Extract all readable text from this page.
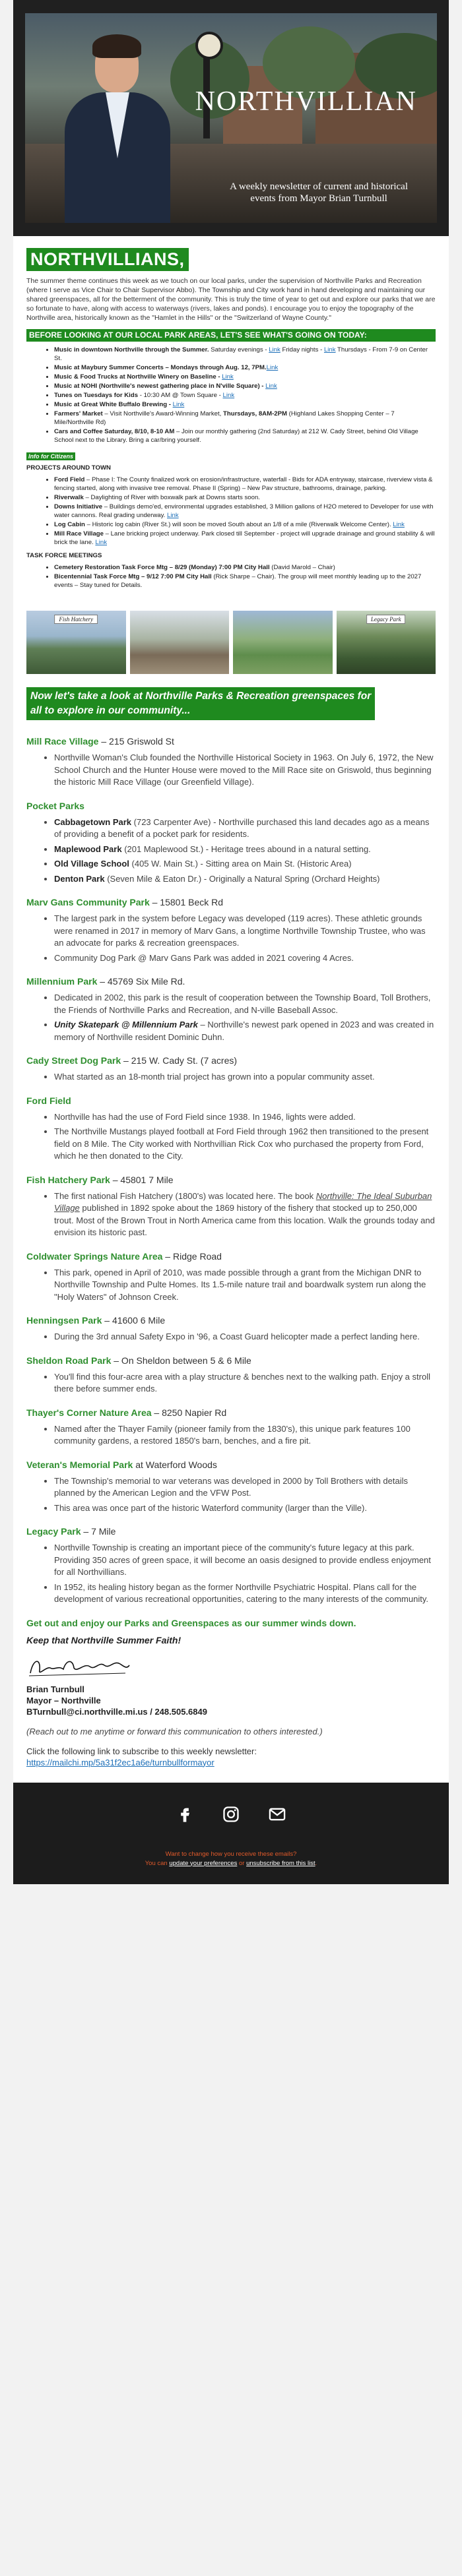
NORTHVILLIAN
A weekly newsletter of current and historical
events from Mayor Brian Turnbull
NORTHVILLIANS,

The summer theme continues this week as we touch on our local parks, under the supervision of Northville Parks and Recreation (where I serve as Vice Chair to Chair Supervisor Abbo). The Township and City work hand in hand developing and maintaining our shared greenspaces, all for the betterment of the community. This is truly the time of year to get out and explore our parks that we are so fortunate to have, along with access to waterways (rivers, lakes and ponds). I encourage you to enjoy the topography of the Northville area, historically known as the "Hamlet in the Hills" or the "Switzerland of Wayne County."

BEFORE LOOKING AT OUR LOCAL PARK AREAS, LET'S SEE WHAT'S GOING ON TODAY:
• Music in downtown Northville through the Summer. Saturday evenings - Link Friday nights - Link Thursdays - From 7-9 on Center St.
• Music at Maybury Summer Concerts – Mondays through Aug. 12, 7PM.Link
• Music & Food Trucks at Northville Winery on Baseline - Link
• Music at NOHI (Northville's newest gathering place in N'ville Square) - Link
• Tunes on Tuesdays for Kids - 10:30 AM @ Town Square - Link
• Music at Great White Buffalo Brewing - Link
• Farmers' Market – Visit Northville's Award-Winning Market, Thursdays, 8AM-2PM (Highland Lakes Shopping Center – 7 Mile/Northville Rd)
• Cars and Coffee Saturday, 8/10, 8-10 AM – Join our monthly gathering (2nd Saturday) at 212 W. Cady Street, behind Old Village School next to the Library. Bring a car/bring yourself.
Info for Citizens
PROJECTS AROUND TOWN
• Ford Field – Phase I: The County finalized work on erosion/infrastructure, waterfall - Bids for ADA entryway, staircase, riverview vista & fencing started, along with invasive tree removal. Phase II (Spring) – New Pav structure, bathrooms, drainage, parking.
• Riverwalk – Daylighting of River with boxwalk park at Downs starts soon.
• Downs Initiative – Buildings demo'ed, environmental upgrades established, 3 Million gallons of H2O metered to Developer for use with water cannons. Real grading underway. Link
• Log Cabin – Historic log cabin (River St.) will soon be moved South about an 1/8 of a mile (Riverwalk Welcome Center). Link
• Mill Race Village – Lane bricking project underway. Park closed till September - project will upgrade drainage and ground stability & will brick the lane. Link
TASK FORCE MEETINGS
• Cemetery Restoration Task Force Mtg – 8/29 (Monday) 7:00 PM City Hall (David Marold – Chair)
• Bicentennial Task Force Mtg – 9/12 7:00 PM City Hall (Rick Sharpe – Chair). The group will meet monthly leading up to the 2027 events – Stay tuned for Details.
Fish Hatchery	Legacy Park
Now let's take a look at Northville Parks & Recreation greenspaces for
all to explore in our community...
Mill Race Village – 215 Griswold St
• Northville Woman's Club founded the Northville Historical Society in 1963. On July 6, 1972, the New School Church and the Hunter House were moved to the Mill Race site on Griswold, thus beginning the historic Mill Race Village (our Greenfield Village).
Pocket Parks
• Cabbagetown Park (723 Carpenter Ave) - Northville purchased this land decades ago as a means of providing a benefit of a pocket park for residents.
• Maplewood Park (201 Maplewood St.) - Heritage trees abound in a natural setting.
• Old Village School (405 W. Main St.) - Sitting area on Main St. (Historic Area)
• Denton Park (Seven Mile & Eaton Dr.) - Originally a Natural Spring (Orchard Heights)
Marv Gans Community Park – 15801 Beck Rd
• The largest park in the system before Legacy was developed (119 acres). These athletic grounds were renamed in 2017 in memory of Marv Gans, a longtime Northville Township Trustee, who was an advocate for parks & recreation greenspaces.
• Community Dog Park @ Marv Gans Park was added in 2021 covering 4 Acres.
Millennium Park – 45769 Six Mile Rd.
• Dedicated in 2002, this park is the result of cooperation between the Township Board, Toll Brothers, the Friends of Northville Parks and Recreation, and N-ville Baseball Assoc.
• Unity Skatepark @ Millennium Park – Northville's newest park opened in 2023 and was created in memory of Northville resident Dominic Duhn.
Cady Street Dog Park – 215 W. Cady St. (7 acres)
• What started as an 18-month trial project has grown into a popular community asset.
Ford Field
• Northville has had the use of Ford Field since 1938. In 1946, lights were added.
• The Northville Mustangs played football at Ford Field through 1962 then transitioned to the present field on 8 Mile. The City worked with Northvillian Rick Cox who purchased the property from Ford, which he then donated to the City.
Fish Hatchery Park – 45801 7 Mile
• The first national Fish Hatchery (1800's) was located here. The book Northville: The Ideal Suburban Village published in 1892 spoke about the 1869 history of the fishery that stocked up to 250,000 trout. Most of the Brown Trout in North America came from this location. Walk the grounds today and envision its historic past.
Coldwater Springs Nature Area – Ridge Road
• This park, opened in April of 2010, was made possible through a grant from the Michigan DNR to Northville Township and Pulte Homes. Its 1.5-mile nature trail and boardwalk system run along the "Holy Waters" of Johnson Creek.
Henningsen Park – 41600 6 Mile
• During the 3rd annual Safety Expo in '96, a Coast Guard helicopter made a perfect landing here.
Sheldon Road Park – On Sheldon between 5 & 6 Mile
• You'll find this four-acre area with a play structure & benches next to the walking path. Enjoy a stroll there before summer ends.
Thayer's Corner Nature Area – 8250 Napier Rd
• Named after the Thayer Family (pioneer family from the 1830's), this unique park features 100 community gardens, a restored 1850's barn, benches, and a fire pit.
Veteran's Memorial Park at Waterford Woods
• The Township's memorial to war veterans was developed in 2000 by Toll Brothers with details planned by the American Legion and the VFW Post.
• This area was once part of the historic Waterford community (larger than the Ville).
Legacy Park – 7 Mile
• Northville Township is creating an important piece of the community's future legacy at this park. Providing 350 acres of green space, it will become an oasis designed to provide endless enjoyment for all Northvillians.
• In 1952, its healing history began as the former Northville Psychiatric Hospital. Plans call for the development of various recreational opportunities, catering to the many interests of the community.
Get out and enjoy our Parks and Greenspaces as our summer winds down.
Keep that Northville Summer Faith!
Brian Turnbull
Mayor – Northville
BTurnbull@ci.northville.mi.us / 248.505.6849
(Reach out to me anytime or forward this communication to others interested.)
Click the following link to subscribe to this weekly newsletter:
https://mailchi.mp/5a31f2ec1a6e/turnbullformayor

Want to change how you receive these emails?

You can update your preferences or unsubscribe from this list.
